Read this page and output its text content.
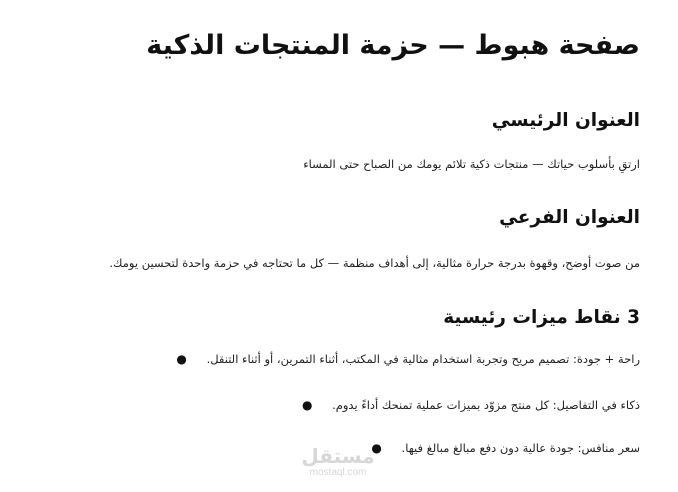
صفحة هبوط — حزمة المنتجات الذكية
العنوان الرئيسي

ارتقِ بأسلوب حياتك — منتجات ذكية تلائم يومك من الصباح حتى المساء

العنوان الفرعي

من صوت أوضح، وقهوة بدرجة حرارة مثالية، إلى أهداف منظمة — كل ما تحتاجه في حزمة واحدة لتحسين يومك.

3 نقاط ميزات رئيسية
راحة + جودة: تصميم مريح وتجربة استخدام مثالية في المكتب، أثناء التمرين، أو أثناء التنقل. ●
ذكاء في التفاصيل: كل منتج مزوّد بميزات عملية تمنحك أداءً يدوم. ●
سعر منافس: جودة عالية دون دفع مبالغ مبالغ فيها. ●
مستقل
mostaql.com
